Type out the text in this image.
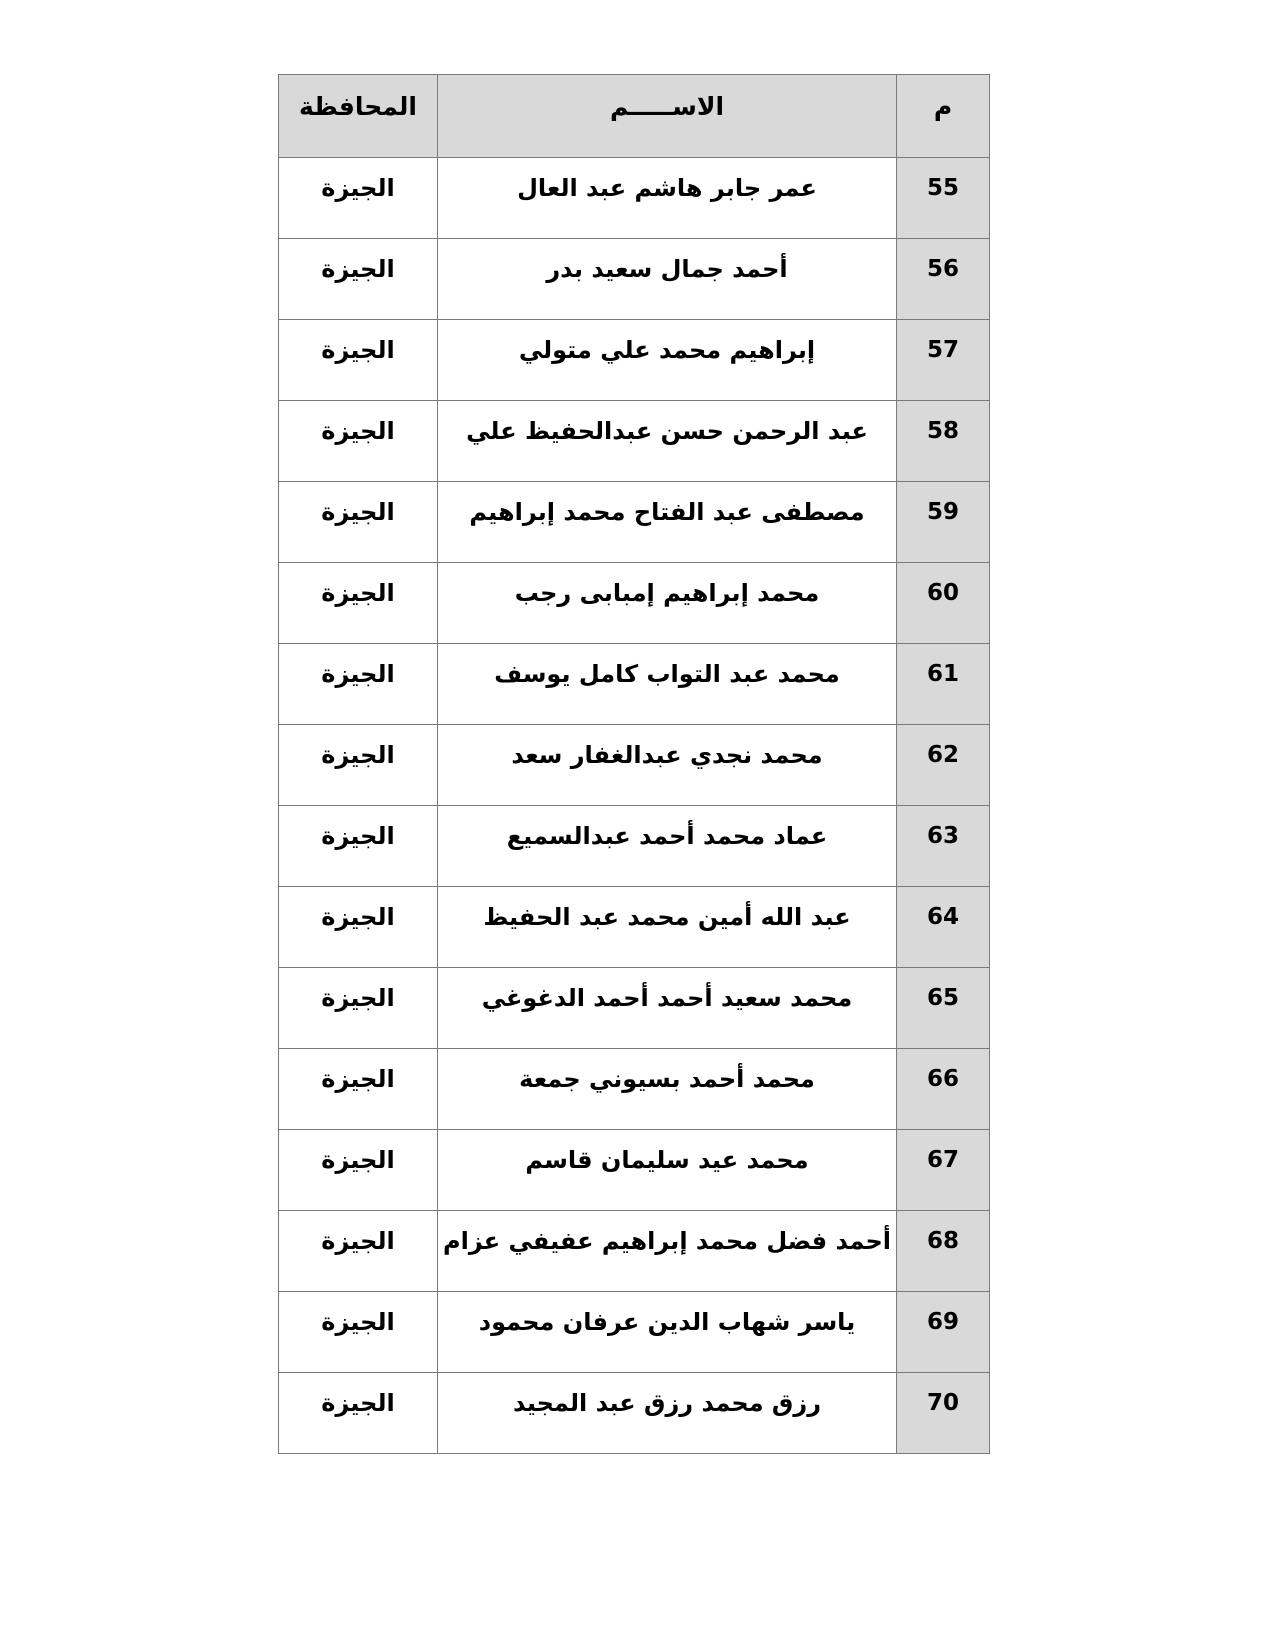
م	الاســـــم	المحافظة

55	عمر جابر هاشم عبد العال	الجيزة

56	أحمد جمال سعيد بدر	الجيزة

57	إبراهيم محمد علي متولي	الجيزة

58	عبد الرحمن حسن عبدالحفيظ علي	الجيزة

59	مصطفى عبد الفتاح محمد إبراهيم	الجيزة

60	محمد إبراهيم إمبابى رجب	الجيزة

61	محمد عبد التواب كامل يوسف	الجيزة

62	محمد نجدي عبدالغفار سعد	الجيزة

63	عماد محمد أحمد عبدالسميع	الجيزة

64	عبد الله أمين محمد عبد الحفيظ	الجيزة

65	محمد سعيد أحمد أحمد الدغوغي	الجيزة

66	محمد أحمد بسيوني جمعة	الجيزة

67	محمد عيد سليمان قاسم	الجيزة

68	أحمد فضل محمد إبراهيم عفيفي عزام	الجيزة

69	ياسر شهاب الدين عرفان محمود	الجيزة

70	رزق محمد رزق عبد المجيد	الجيزة
